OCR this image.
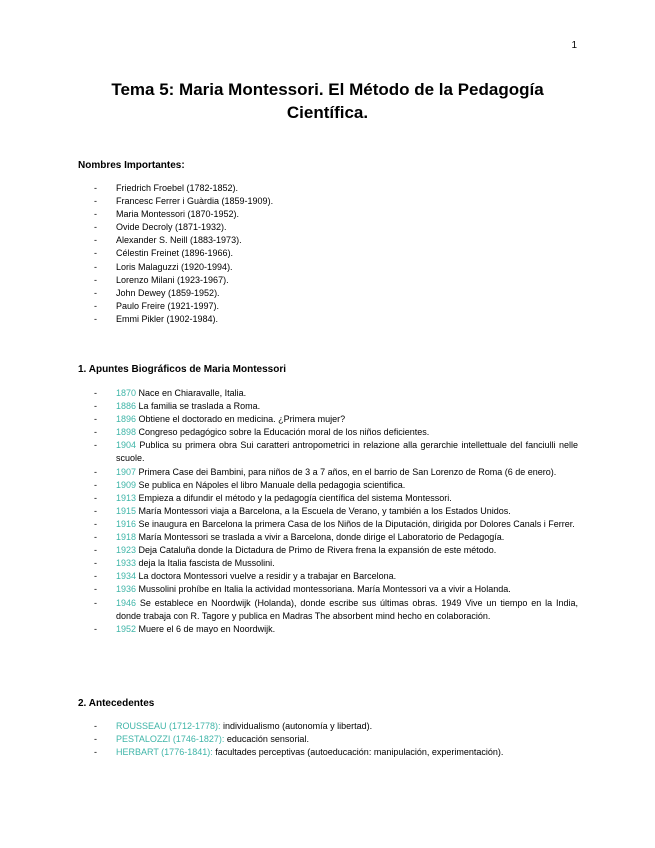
1
Tema 5: Maria Montessori. El Método de la Pedagogía Científica.
Nombres Importantes:
- Friedrich Froebel (1782-1852).
- Francesc Ferrer i Guàrdia (1859-1909).
- Maria Montessori (1870-1952).
- Ovide Decroly (1871-1932).
- Alexander S. Neill (1883-1973).
- Célestin Freinet (1896-1966).
- Loris Malaguzzi (1920-1994).
- Lorenzo Milani (1923-1967).
- John Dewey (1859-1952).
- Paulo Freire (1921-1997).
- Emmi Pikler (1902-1984).
1. Apuntes Biográficos de Maria Montessori
- 1870 Nace en Chiaravalle, Italia.
- 1886 La familia se traslada a Roma.
- 1896 Obtiene el doctorado en medicina. ¿Primera mujer?
- 1898 Congreso pedagógico sobre la Educación moral de los niños deficientes.
- 1904 Publica su primera obra Sui caratteri antropometrici in relazione alla gerarchie intellettuale del fanciulli nelle scuole.
- 1907 Primera Case dei Bambini, para niños de 3 a 7 años, en el barrio de San Lorenzo de Roma (6 de enero).
- 1909 Se publica en Nápoles el libro Manuale della pedagogia scientifica.
- 1913 Empieza a difundir el método y la pedagogía científica del sistema Montessori.
- 1915 María Montessori viaja a Barcelona, a la Escuela de Verano, y también a los Estados Unidos.
- 1916 Se inaugura en Barcelona la primera Casa de los Niños de la Diputación, dirigida por Dolores Canals i Ferrer.
- 1918 María Montessori se traslada a vivir a Barcelona, donde dirige el Laboratorio de Pedagogía.
- 1923 Deja Cataluña donde la Dictadura de Primo de Rivera frena la expansión de este método.
- 1933 deja la Italia fascista de Mussolini.
- 1934 La doctora Montessori vuelve a residir y a trabajar en Barcelona.
- 1936 Mussolini prohíbe en Italia la actividad montessoriana. María Montessori va a vivir a Holanda.
- 1946 Se establece en Noordwijk (Holanda), donde escribe sus últimas obras. 1949 Vive un tiempo en la India, donde trabaja con R. Tagore y publica en Madras The absorbent mind hecho en colaboración.
- 1952 Muere el 6 de mayo en Noordwijk.
2. Antecedentes
- ROUSSEAU (1712-1778): individualismo (autonomía y libertad).
- PESTALOZZI (1746-1827): educación sensorial.
- HERBART (1776-1841): facultades perceptivas (autoeducación: manipulación, experimentación).
